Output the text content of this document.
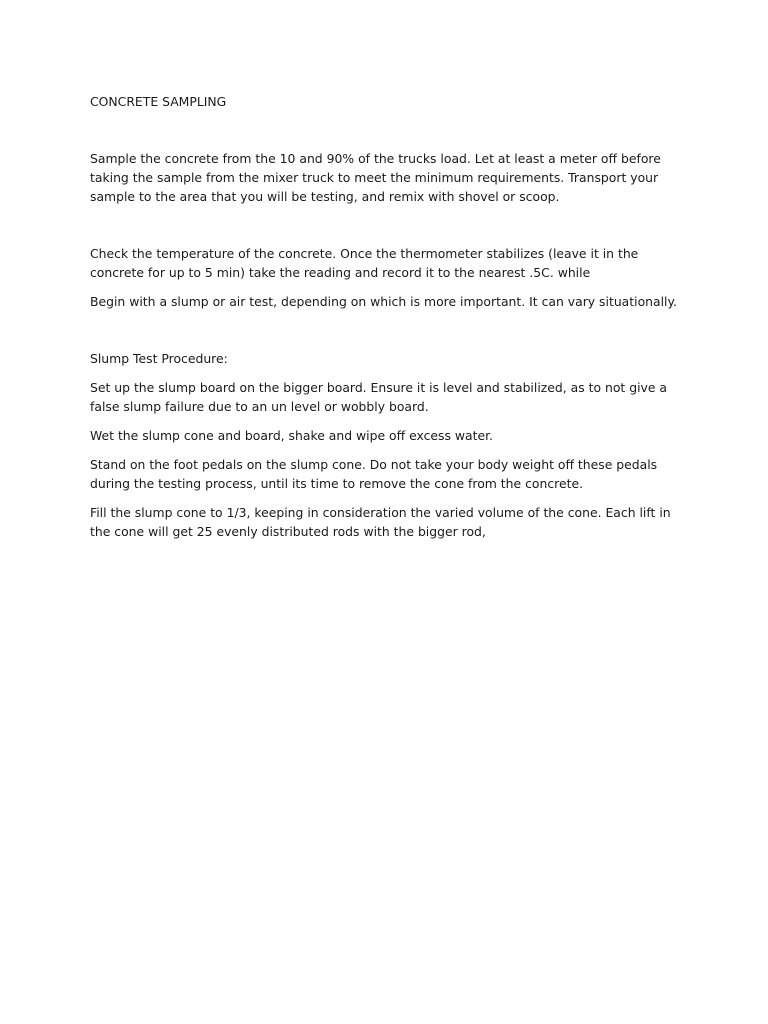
CONCRETE SAMPLING

Sample the concrete from the 10 and 90% of the trucks load. Let at least a meter off before taking the sample from the mixer truck to meet the minimum requirements. Transport your sample to the area that you will be testing, and remix with shovel or scoop.

Check the temperature of the concrete. Once the thermometer stabilizes (leave it in the concrete for up to 5 min) take the reading and record it to the nearest .5C. while

Begin with a slump or air test, depending on which is more important. It can vary situationally.

Slump Test Procedure:

Set up the slump board on the bigger board. Ensure it is level and stabilized, as to not give a false slump failure due to an un level or wobbly board.

Wet the slump cone and board, shake and wipe off excess water.

Stand on the foot pedals on the slump cone. Do not take your body weight off these pedals during the testing process, until its time to remove the cone from the concrete.

Fill the slump cone to 1/3, keeping in consideration the varied volume of the cone. Each lift in the cone will get 25 evenly distributed rods with the bigger rod,
